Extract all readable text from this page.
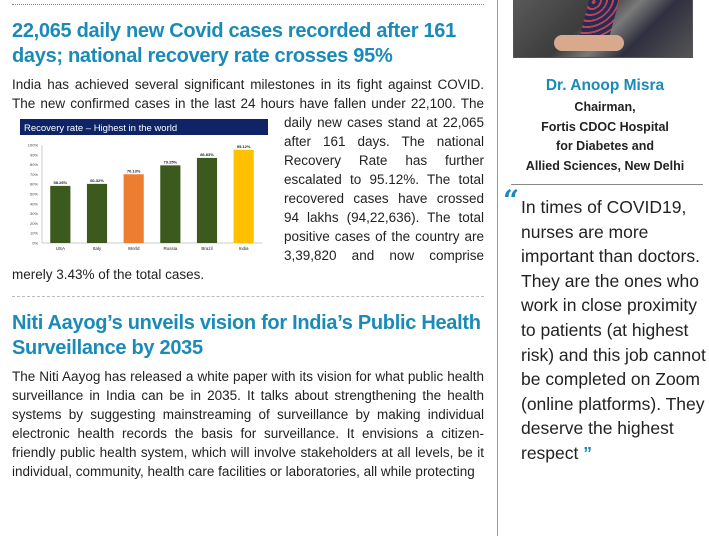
22,065 daily new Covid cases recorded after 161 days; national recovery rate crosses 95%
Recovery rate – Highest in the world
0%
10%
20%
30%
40%
50%
60%
70%
80%
90%
100%
58.26%
USA
60.32%
Italy
70.13%
World
79.25%
Russia
86.83%
Brazil
95.12%
India
India has achieved several significant milestones in its fight against COVID. The new confirmed cases in the last 24 hours have fallen under 22,100. The daily new cases stand at 22,065 after 161 days. The national Recovery Rate has further escalated to 95.12%. The total recovered cases have crossed 94 lakhs (94,22,636). The total positive cases of the country are 3,39,820 and now comprise merely 3.43% of the total cases.
Niti Aayog’s unveils vision for India’s Public Health Surveillance by 2035

The Niti Aayog has released a white paper with its vision for what public health surveillance in India can be in 2035. It talks about strengthening the health systems by suggesting mainstreaming of surveillance by making individual electronic health records the basis for surveillance. It envisions a citizen-friendly public health system, which will involve stakeholders at all levels, be it individual, community, health care facilities or laboratories, all while protecting

Dr. Anoop Misra
Chairman,
Fortis CDOC Hospital
for Diabetes and
Allied Sciences, New Delhi
“ In times of COVID19, nurses are more important than doctors. They are the ones who work in close proximity to patients (at highest risk) and this job cannot be completed on Zoom (online platforms). They deserve the highest respect ”
